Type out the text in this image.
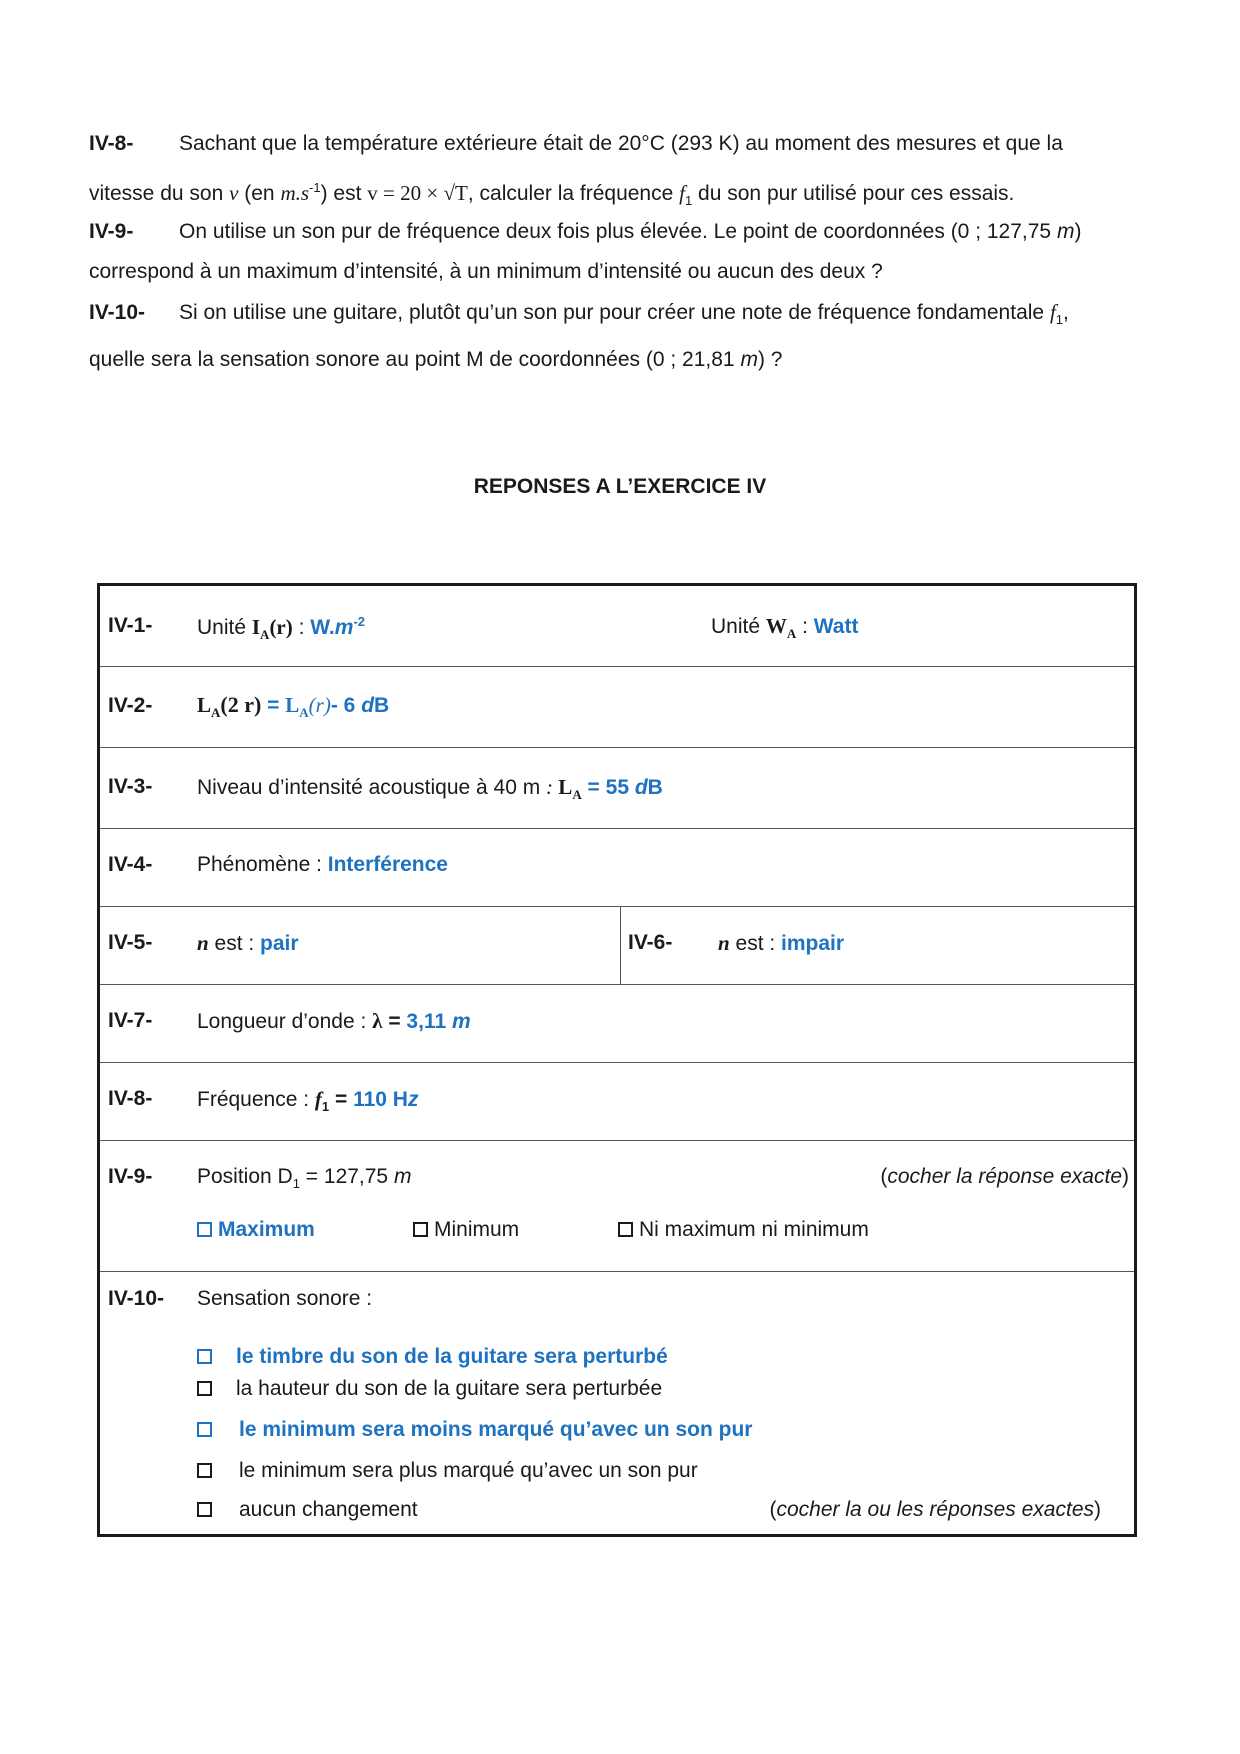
IV-8- Sachant que la température extérieure était de 20°C (293 K) au moment des mesures et que la
vitesse du son v (en $m.s^{-1}$) est v = 20 × √T, calculer la fréquence $f_1$ du son pur utilisé pour ces essais.
IV-9- On utilise un son pur de fréquence deux fois plus élevée. Le point de coordonnées (0 ; 127,75 m)
correspond à un maximum d’intensité, à un minimum d’intensité ou aucun des deux ?
IV-10- Si on utilise une guitare, plutôt qu’un son pur pour créer une note de fréquence fondamentale $f_1$,
quelle sera la sensation sonore au point M de coordonnées (0 ; 21,81 m) ?
REPONSES A L’EXERCICE IV
IV-1- Unité $I_A(r)$ : $W.m^{-2}$	Unité $W_A$ : Watt
IV-2- $L_A(2$ $r) = L_A(r)-$ 6 dB
IV-3- Niveau d’intensité acoustique à 40 m : $L_A = 55$ dB
IV-4- Phénomène : Interférence
IV-5- n est : pair	IV-6- n est : impair
IV-7- Longueur d’onde : λ = 3,11 m
IV-8- Fréquence : $f_1 = 110$ Hz
IV-9- Position $D_1 = 127,75$ m	(cocher la réponse exacte)
Maximum	Minimum	Ni maximum ni minimum
IV-10- Sensation sonore :
le timbre du son de la guitare sera perturbé
la hauteur du son de la guitare sera perturbée
le minimum sera moins marqué qu’avec un son pur
le minimum sera plus marqué qu’avec un son pur
aucun changement	(cocher la ou les réponses exactes)
